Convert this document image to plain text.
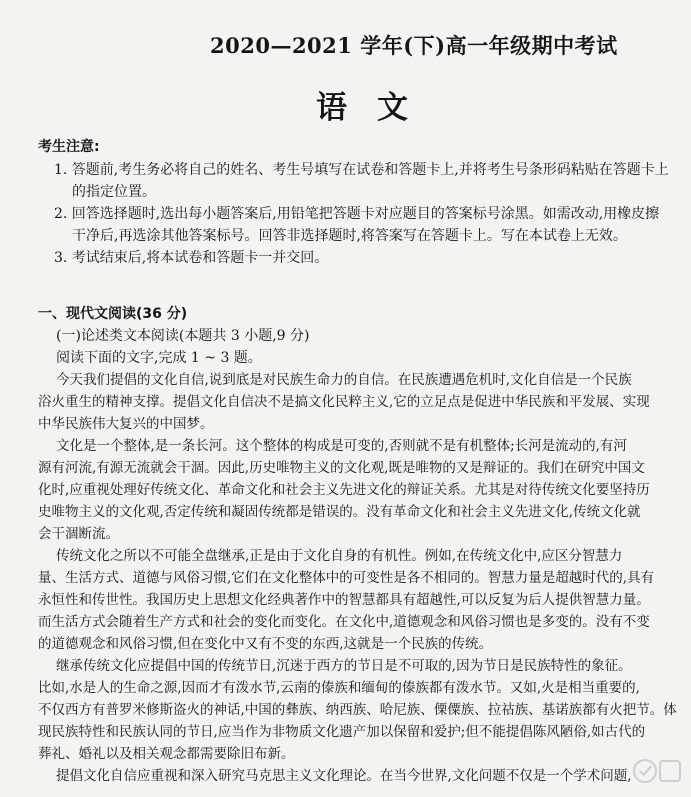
2020—2021 学年(下)高一年级期中考试
语文
考生注意:
1. 答题前,考生务必将自己的姓名、考生号填写在试卷和答题卡上,并将考生号条形码粘贴在答题卡上
的指定位置。
2. 回答选择题时,选出每小题答案后,用铅笔把答题卡对应题目的答案标号涂黑。如需改动,用橡皮擦
干净后,再选涂其他答案标号。回答非选择题时,将答案写在答题卡上。写在本试卷上无效。
3. 考试结束后,将本试卷和答题卡一并交回。
一、现代文阅读(36 分)
(一)论述类文本阅读(本题共 3 小题,9 分)
阅读下面的文字,完成 1 ~ 3 题。
今天我们提倡的文化自信,说到底是对民族生命力的自信。在民族遭遇危机时,文化自信是一个民族
浴火重生的精神支撑。提倡文化自信决不是搞文化民粹主义,它的立足点是促进中华民族和平发展、实现
中华民族伟大复兴的中国梦。
文化是一个整体,是一条长河。这个整体的构成是可变的,否则就不是有机整体;长河是流动的,有河
源有河流,有源无流就会干涸。因此,历史唯物主义的文化观,既是唯物的又是辩证的。我们在研究中国文
化时,应重视处理好传统文化、革命文化和社会主义先进文化的辩证关系。尤其是对待传统文化要坚持历
史唯物主义的文化观,否定传统和凝固传统都是错误的。没有革命文化和社会主义先进文化,传统文化就
会干涸断流。
传统文化之所以不可能全盘继承,正是由于文化自身的有机性。例如,在传统文化中,应区分智慧力
量、生活方式、道德与风俗习惯,它们在文化整体中的可变性是各不相同的。智慧力量是超越时代的,具有
永恒性和传世性。我国历史上思想文化经典著作中的智慧都具有超越性,可以反复为后人提供智慧力量。
而生活方式会随着生产方式和社会的变化而变化。在文化中,道德观念和风俗习惯也是多变的。没有不变
的道德观念和风俗习惯,但在变化中又有不变的东西,这就是一个民族的传统。
继承传统文化应提倡中国的传统节日,沉迷于西方的节日是不可取的,因为节日是民族特性的象征。
比如,水是人的生命之源,因而才有泼水节,云南的傣族和缅甸的傣族都有泼水节。又如,火是相当重要的,
不仅西方有普罗米修斯盗火的神话,中国的彝族、纳西族、哈尼族、傈僳族、拉祜族、基诺族都有火把节。体
现民族特性和民族认同的节日,应当作为非物质文化遗产加以保留和爱护;但不能提倡陈风陋俗,如古代的
葬礼、婚礼以及相关观念都需要除旧布新。
提倡文化自信应重视和深入研究马克思主义文化理论。在当今世界,文化问题不仅是一个学术问题,
